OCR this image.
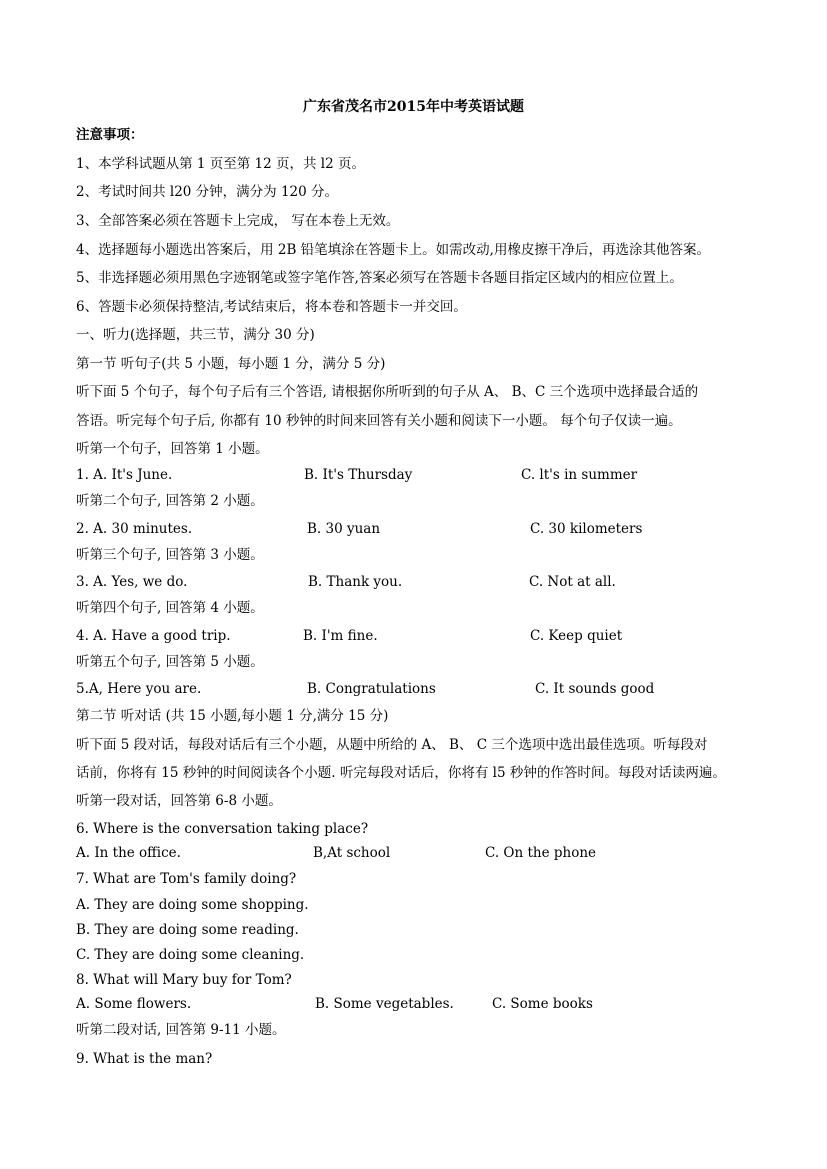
广东省茂名市2015年中考英语试题
注意事项：
1、本学科试题从第 1 页至第 12 页，共 l2 页。
2、考试时间共 l20 分钟，满分为 120 分。
3、全部答案必须在答题卡上完成， 写在本卷上无效。
4、选择题每小题选出答案后，用 2B 铅笔填涂在答题卡上。如需改动,用橡皮擦干净后，再选涂其他答案。
5、非选择题必须用黑色字迹钢笔或签字笔作答,答案必须写在答题卡各题目指定区域内的相应位置上。
6、答题卡必须保持整洁,考试结束后，将本卷和答题卡一并交回。
一、听力(选择题，共三节，满分 30 分)
第一节 听句子(共 5 小题，每小题 1 分，满分 5 分)
听下面 5 个句子，每个句子后有三个答语, 请根据你所听到的句子从 A、 B、C 三个选项中选择最合适的
答语。听完每个句子后, 你都有 10 秒钟的时间来回答有关小题和阅读下一小题。 每个句子仅读一遍。
听第一个句子，回答第 1 小题。
1. A. It's June.	B. It's Thursday	C. lt's in summer
听第二个句子, 回答第 2 小题。
2. A. 30 minutes.	B. 30 yuan	C. 30 kilometers
听第三个句子, 回答第 3 小题。
3. A. Yes, we do.	B. Thank you.	C. Not at all.
听第四个句子, 回答第 4 小题。
4. A. Have a good trip.	B. I'm fine.	C. Keep quiet
听第五个句子, 回答第 5 小题。
5.A, Here you are.	B. Congratulations	C. It sounds good
第二节 听对话 (共 15 小题,每小题 1 分,满分 15 分)
听下面 5 段对话，每段对话后有三个小题，从题中所给的 A、 B、 C 三个选项中选出最佳选项。听每段对
话前，你将有 15 秒钟的时间阅读各个小题. 听完每段对话后，你将有 l5 秒钟的作答时间。每段对话读两遍。
听第一段对话，回答第 6-8 小题。
6. Where is the conversation taking place?
A. In the office.	B,At school	C. On the phone
7. What are Tom's family doing?
A. They are doing some shopping.
B. They are doing some reading.
C. They are doing some cleaning.
8. What will Mary buy for Tom?
A. Some flowers.	B. Some vegetables.	C. Some books
听第二段对话, 回答第 9-11 小题。
9. What is the man?
